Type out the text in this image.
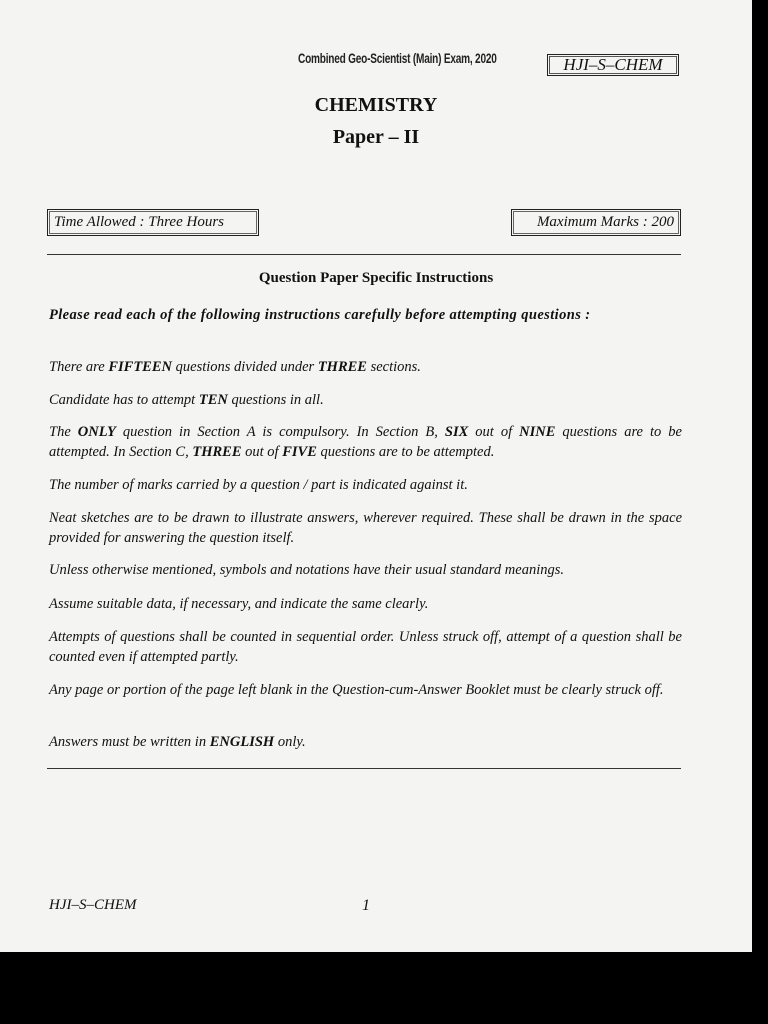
Combined Geo-Scientist (Main) Exam, 2020	HJI–S–CHEM
CHEMISTRY
Paper – II
Time Allowed : Three Hours	Maximum Marks : 200
Question Paper Specific Instructions
Please read each of the following instructions carefully before attempting questions :
There are FIFTEEN questions divided under THREE sections.
Candidate has to attempt TEN questions in all.
The ONLY question in Section A is compulsory. In Section B, SIX out of NINE questions are to be attempted. In Section C, THREE out of FIVE questions are to be attempted.
The number of marks carried by a question / part is indicated against it.
Neat sketches are to be drawn to illustrate answers, wherever required. These shall be drawn in the space provided for answering the question itself.
Unless otherwise mentioned, symbols and notations have their usual standard meanings.
Assume suitable data, if necessary, and indicate the same clearly.
Attempts of questions shall be counted in sequential order. Unless struck off, attempt of a question shall be counted even if attempted partly.
Any page or portion of the page left blank in the Question-cum-Answer Booklet must be clearly struck off.
Answers must be written in ENGLISH only.
HJI–S–CHEM	1
